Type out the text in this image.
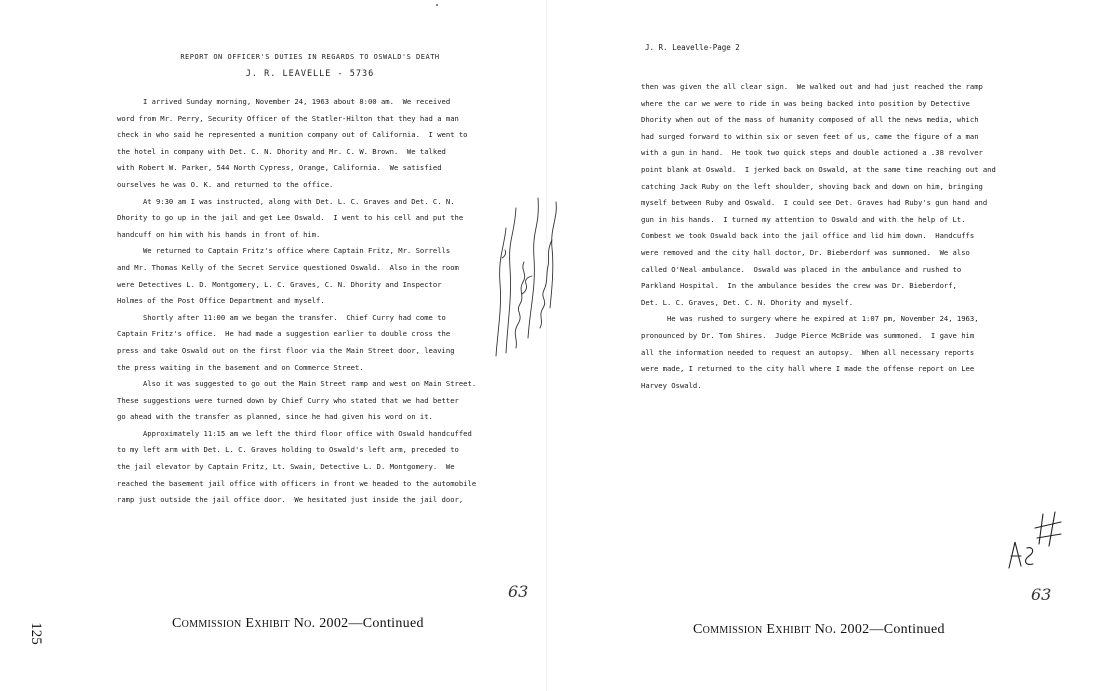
REPORT ON OFFICER'S DUTIES IN REGARDS TO OSWALD'S DEATH
J. R. LEAVELLE - 5736

I arrived Sunday morning, November 24, 1963 about 8:00 am.  We received

word from Mr. Perry, Security Officer of the Statler-Hilton that they had a man

check in who said he represented a munition company out of California.  I went to

the hotel in company with Det. C. N. Dhority and Mr. C. W. Brown.  We talked

with Robert W. Parker, 544 North Cypress, Orange, California.  We satisfied

ourselves he was O. K. and returned to the office.

At 9:30 am I was instructed, along with Det. L. C. Graves and Det. C. N.

Dhority to go up in the jail and get Lee Oswald.  I went to his cell and put the

handcuff on him with his hands in front of him.

We returned to Captain Fritz's office where Captain Fritz, Mr. Sorrells

and Mr. Thomas Kelly of the Secret Service questioned Oswald.  Also in the room

were Detectives L. D. Montgomery, L. C. Graves, C. N. Dhority and Inspector

Holmes of the Post Office Department and myself.

Shortly after 11:00 am we began the transfer.  Chief Curry had come to

Captain Fritz's office.  He had made a suggestion earlier to double cross the

press and take Oswald out on the first floor via the Main Street door, leaving

the press waiting in the basement and on Commerce Street.

Also it was suggested to go out the Main Street ramp and west on Main Street.

These suggestions were turned down by Chief Curry who stated that we had better

go ahead with the transfer as planned, since he had given his word on it.

Approximately 11:15 am we left the third floor office with Oswald handcuffed

to my left arm with Det. L. C. Graves holding to Oswald's left arm, preceded to

the jail elevator by Captain Fritz, Lt. Swain, Detective L. D. Montgomery.  We

reached the basement jail office with officers in front we headed to the automobile

ramp just outside the jail office door.  We hesitated just inside the jail door,

63
Commission Exhibit No. 2002—Continued
125
J. R. Leavelle-Page 2

then was given the all clear sign.  We walked out and had just reached the ramp

where the car we were to ride in was being backed into position by Detective

Dhority when out of the mass of humanity composed of all the news media, which

had surged forward to within six or seven feet of us, came the figure of a man

with a gun in hand.  He took two quick steps and double actioned a .38 revolver

point blank at Oswald.  I jerked back on Oswald, at the same time reaching out and

catching Jack Ruby on the left shoulder, shoving back and down on him, bringing

myself between Ruby and Oswald.  I could see Det. Graves had Ruby's gun hand and

gun in his hands.  I turned my attention to Oswald and with the help of Lt.

Combest we took Oswald back into the jail office and lid him down.  Handcuffs

were removed and the city hall doctor, Dr. Bieberdorf was summoned.  We also

called O'Neal ambulance.  Oswald was placed in the ambulance and rushed to

Parkland Hospital.  In the ambulance besides the crew was Dr. Bieberdorf,

Det. L. C. Graves, Det. C. N. Dhority and myself.

He was rushed to surgery where he expired at 1:07 pm, November 24, 1963,

pronounced by Dr. Tom Shires.  Judge Pierce McBride was summoned.  I gave him

all the information needed to request an autopsy.  When all necessary reports

were made, I returned to the city hall where I made the offense report on Lee

Harvey Oswald.

63
Commission Exhibit No. 2002—Continued
